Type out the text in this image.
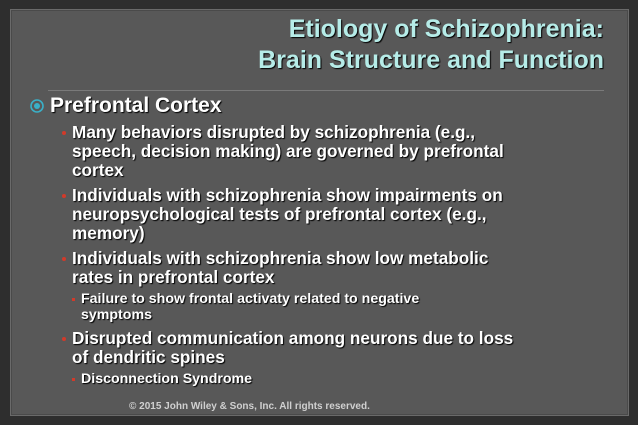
Etiology of Schizophrenia:
Brain Structure and Function
Prefrontal Cortex
Many behaviors disrupted by schizophrenia (e.g.,
speech, decision making) are governed by prefrontal
cortex
Individuals with schizophrenia show impairments on
neuropsychological tests of prefrontal cortex (e.g.,
memory)
Individuals with schizophrenia show low metabolic
rates in prefrontal cortex
Failure to show frontal activaty related to negative
symptoms
Disrupted communication among neurons due to loss
of dendritic spines
Disconnection Syndrome
© 2015 John Wiley & Sons, Inc. All rights reserved.
